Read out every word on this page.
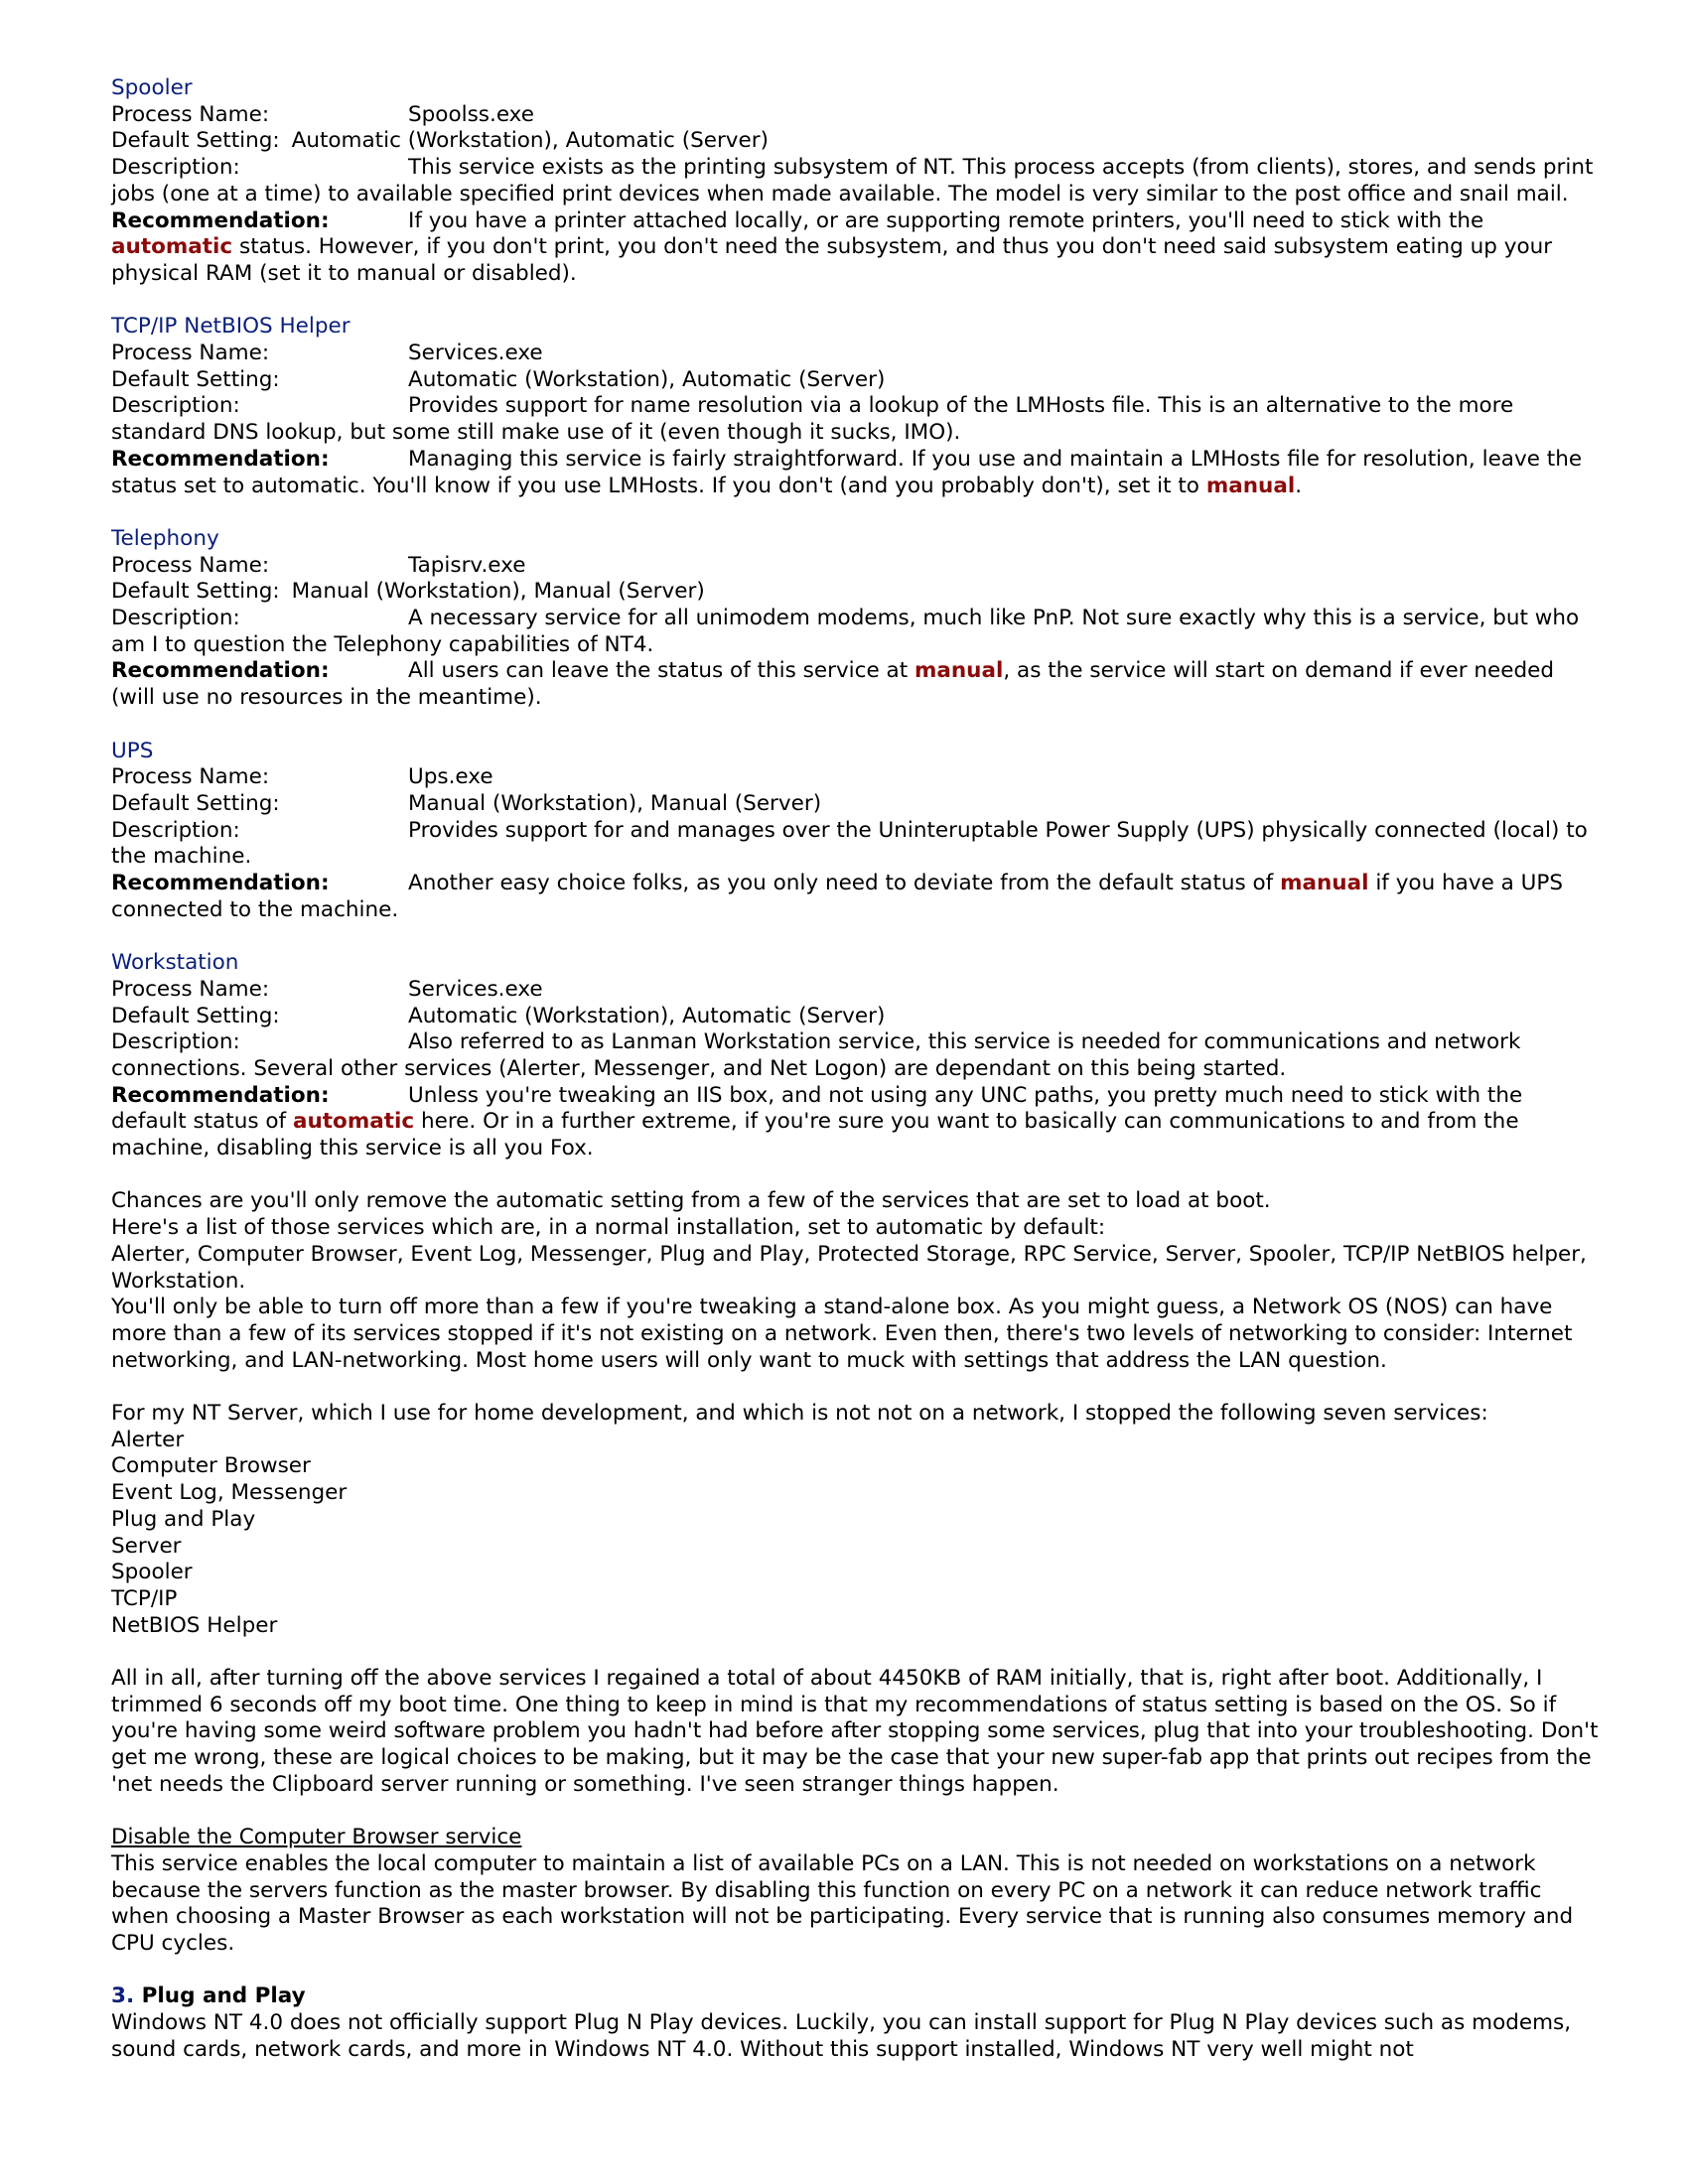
Spooler
Process Name:	Spoolss.exe
Default Setting: Automatic (Workstation), Automatic (Server)
Description:	This service exists as the printing subsystem of NT. This process accepts (from clients), stores, and sends print jobs (one at a time) to available specified print devices when made available. The model is very similar to the post office and snail mail.
Recommendation:	If you have a printer attached locally, or are supporting remote printers, you'll need to stick with the automatic status. However, if you don't print, you don't need the subsystem, and thus you don't need said subsystem eating up your physical RAM (set it to manual or disabled).
TCP/IP NetBIOS Helper
Process Name:	Services.exe
Default Setting:	Automatic (Workstation), Automatic (Server)
Description:	Provides support for name resolution via a lookup of the LMHosts file. This is an alternative to the more standard DNS lookup, but some still make use of it (even though it sucks, IMO).
Recommendation:	Managing this service is fairly straightforward. If you use and maintain a LMHosts file for resolution, leave the status set to automatic. You'll know if you use LMHosts. If you don't (and you probably don't), set it to manual.
Telephony
Process Name:	Tapisrv.exe
Default Setting: Manual (Workstation), Manual (Server)
Description:	A necessary service for all unimodem modems, much like PnP. Not sure exactly why this is a service, but who am I to question the Telephony capabilities of NT4.
Recommendation:	All users can leave the status of this service at manual, as the service will start on demand if ever needed (will use no resources in the meantime).
UPS
Process Name:	Ups.exe
Default Setting:	Manual (Workstation), Manual (Server)
Description:	Provides support for and manages over the Uninteruptable Power Supply (UPS) physically connected (local) to the machine.
Recommendation:	Another easy choice folks, as you only need to deviate from the default status of manual if you have a UPS connected to the machine.
Workstation
Process Name:	Services.exe
Default Setting:	Automatic (Workstation), Automatic (Server)
Description:	Also referred to as Lanman Workstation service, this service is needed for communications and network connections. Several other services (Alerter, Messenger, and Net Logon) are dependant on this being started.
Recommendation:	Unless you're tweaking an IIS box, and not using any UNC paths, you pretty much need to stick with the default status of automatic here. Or in a further extreme, if you're sure you want to basically can communications to and from the machine, disabling this service is all you Fox.
Chances are you'll only remove the automatic setting from a few of the services that are set to load at boot.
Here's a list of those services which are, in a normal installation, set to automatic by default:
Alerter, Computer Browser, Event Log, Messenger, Plug and Play, Protected Storage, RPC Service, Server, Spooler, TCP/IP NetBIOS helper, Workstation.
You'll only be able to turn off more than a few if you're tweaking a stand-alone box. As you might guess, a Network OS (NOS) can have more than a few of its services stopped if it's not existing on a network. Even then, there's two levels of networking to consider: Internet networking, and LAN-networking. Most home users will only want to muck with settings that address the LAN question.
For my NT Server, which I use for home development, and which is not not on a network, I stopped the following seven services:
Alerter
Computer Browser
Event Log, Messenger
Plug and Play
Server
Spooler
TCP/IP
NetBIOS Helper
All in all, after turning off the above services I regained a total of about 4450KB of RAM initially, that is, right after boot. Additionally, I trimmed 6 seconds off my boot time. One thing to keep in mind is that my recommendations of status setting is based on the OS. So if you're having some weird software problem you hadn't had before after stopping some services, plug that into your troubleshooting. Don't get me wrong, these are logical choices to be making, but it may be the case that your new super-fab app that prints out recipes from the 'net needs the Clipboard server running or something. I've seen stranger things happen.
Disable the Computer Browser service
This service enables the local computer to maintain a list of available PCs on a LAN. This is not needed on workstations on a network because the servers function as the master browser. By disabling this function on every PC on a network it can reduce network traffic when choosing a Master Browser as each workstation will not be participating. Every service that is running also consumes memory and CPU cycles.
3. Plug and Play
Windows NT 4.0 does not officially support Plug N Play devices. Luckily, you can install support for Plug N Play devices such as modems, sound cards, network cards, and more in Windows NT 4.0. Without this support installed, Windows NT very well might not
